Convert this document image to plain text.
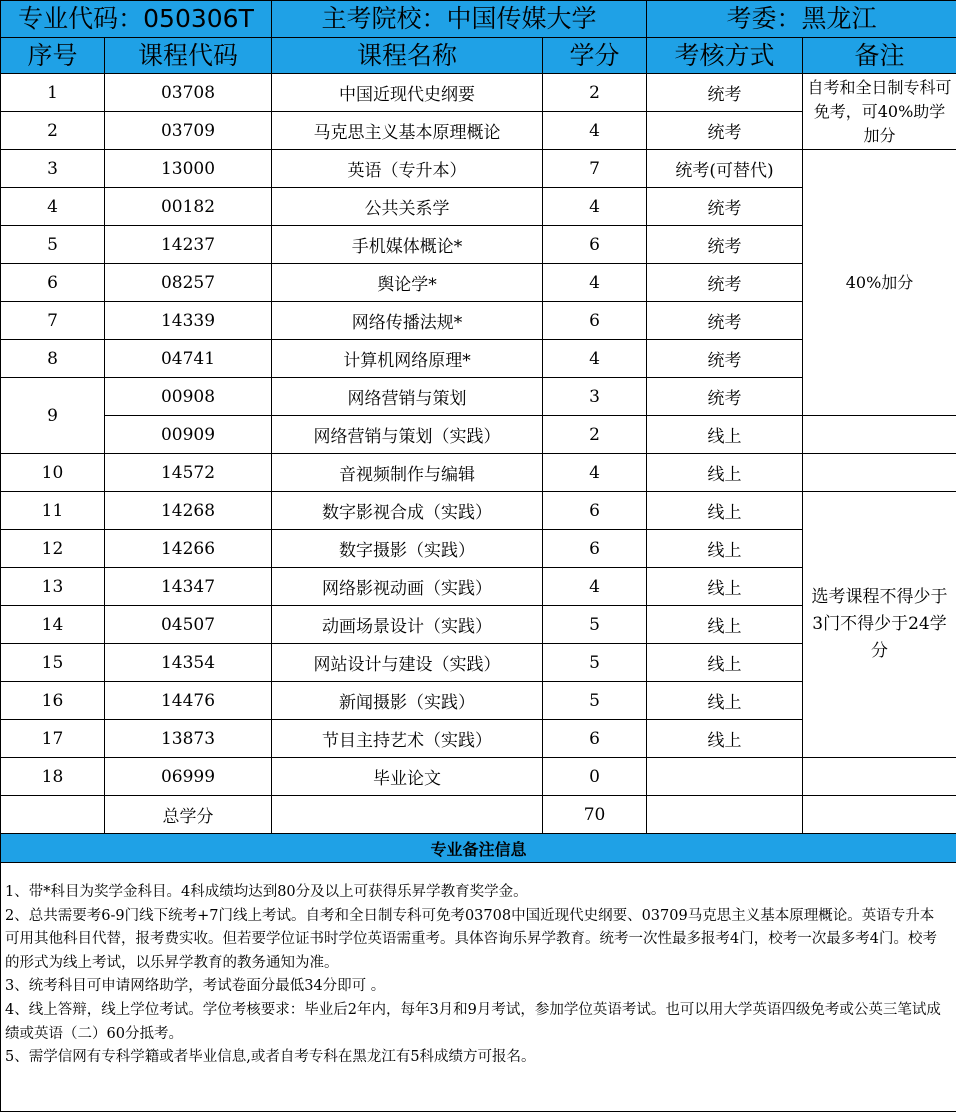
专业代码：050306T		主考院校：中国传媒大学		考委：黑龙江	
序号	课程代码	课程名称	学分	考核方式	备注
1	03708	中国近现代史纲要	2	统考	自考和全日制专科可免考，可40%助学加分
2	03709	马克思主义基本原理概论	4	统考	
3	13000	英语（专升本）	7	统考(可替代)	40%加分
4	00182	公共关系学	4	统考	
5	14237	手机媒体概论*	6	统考	
6	08257	舆论学*	4	统考	
7	14339	网络传播法规*	6	统考	
8	04741	计算机网络原理*	4	统考	
9	00908	网络营销与策划	3	统考	
	00909	网络营销与策划（实践）	2	线上	
10	14572	音视频制作与编辑	4	线上	
11	14268	数字影视合成（实践）	6	线上	选考课程不得少于3门不得少于24学分
12	14266	数字摄影（实践）	6	线上	
13	14347	网络影视动画（实践）	4	线上	
14	04507	动画场景设计（实践）	5	线上	
15	14354	网站设计与建设（实践）	5	线上	
16	14476	新闻摄影（实践）	5	线上	
17	13873	节目主持艺术（实践）	6	线上	
18	06999	毕业论文	0		
	总学分		70		
专业备注信息					

1、带*科目为奖学金科目。4科成绩均达到80分及以上可获得乐昇学教育奖学金。
2、总共需要考6-9门线下统考+7门线上考试。自考和全日制专科可免考03708中国近现代史纲要、03709马克思主义基本原理概论。英语专升本可用其他科目代替，报考费实收。但若要学位证书时学位英语需重考。具体咨询乐昇学教育。统考一次性最多报考4门，校考一次最多考4门。校考的形式为线上考试，以乐昇学教育的教务通知为准。
3、统考科目可申请网络助学，考试卷面分最低34分即可 。
4、线上答辩，线上学位考试。学位考核要求：毕业后2年内，每年3月和9月考试，参加学位英语考试。也可以用大学英语四级免考或公英三笔试成绩或英语（二）60分抵考。
5、需学信网有专科学籍或者毕业信息,或者自考专科在黑龙江有5科成绩方可报名。					
